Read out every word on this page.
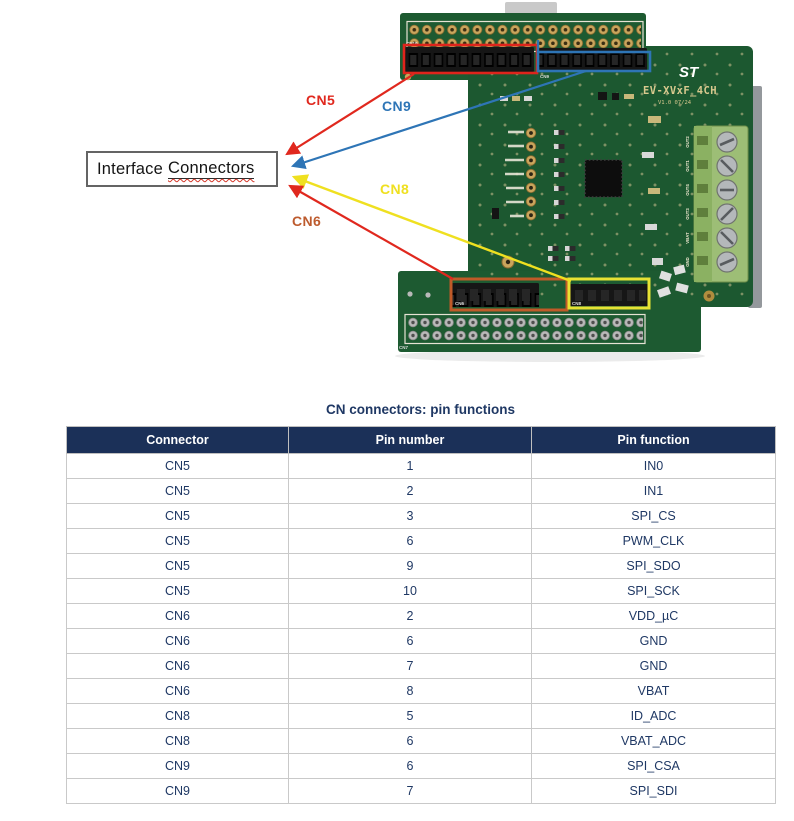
CN10
CN9
OUT2
OUT1
OUT4
OUT3
VBAT
GND
ST
EV-XVxF_4CH
V1.0 07/24
CN6	CN8
CN7
Interface Connectors
CN5	CN9
CN8
CN6
CN connectors: pin functions
Connector	Pin number	Pin function
CN5	1	IN0
CN5	2	IN1
CN5	3	SPI_CS
CN5	6	PWM_CLK
CN5	9	SPI_SDO
CN5	10	SPI_SCK
CN6	2	VDD_µC
CN6	6	GND
CN6	7	GND
CN6	8	VBAT
CN8	5	ID_ADC
CN8	6	VBAT_ADC
CN9	6	SPI_CSA
CN9	7	SPI_SDI
